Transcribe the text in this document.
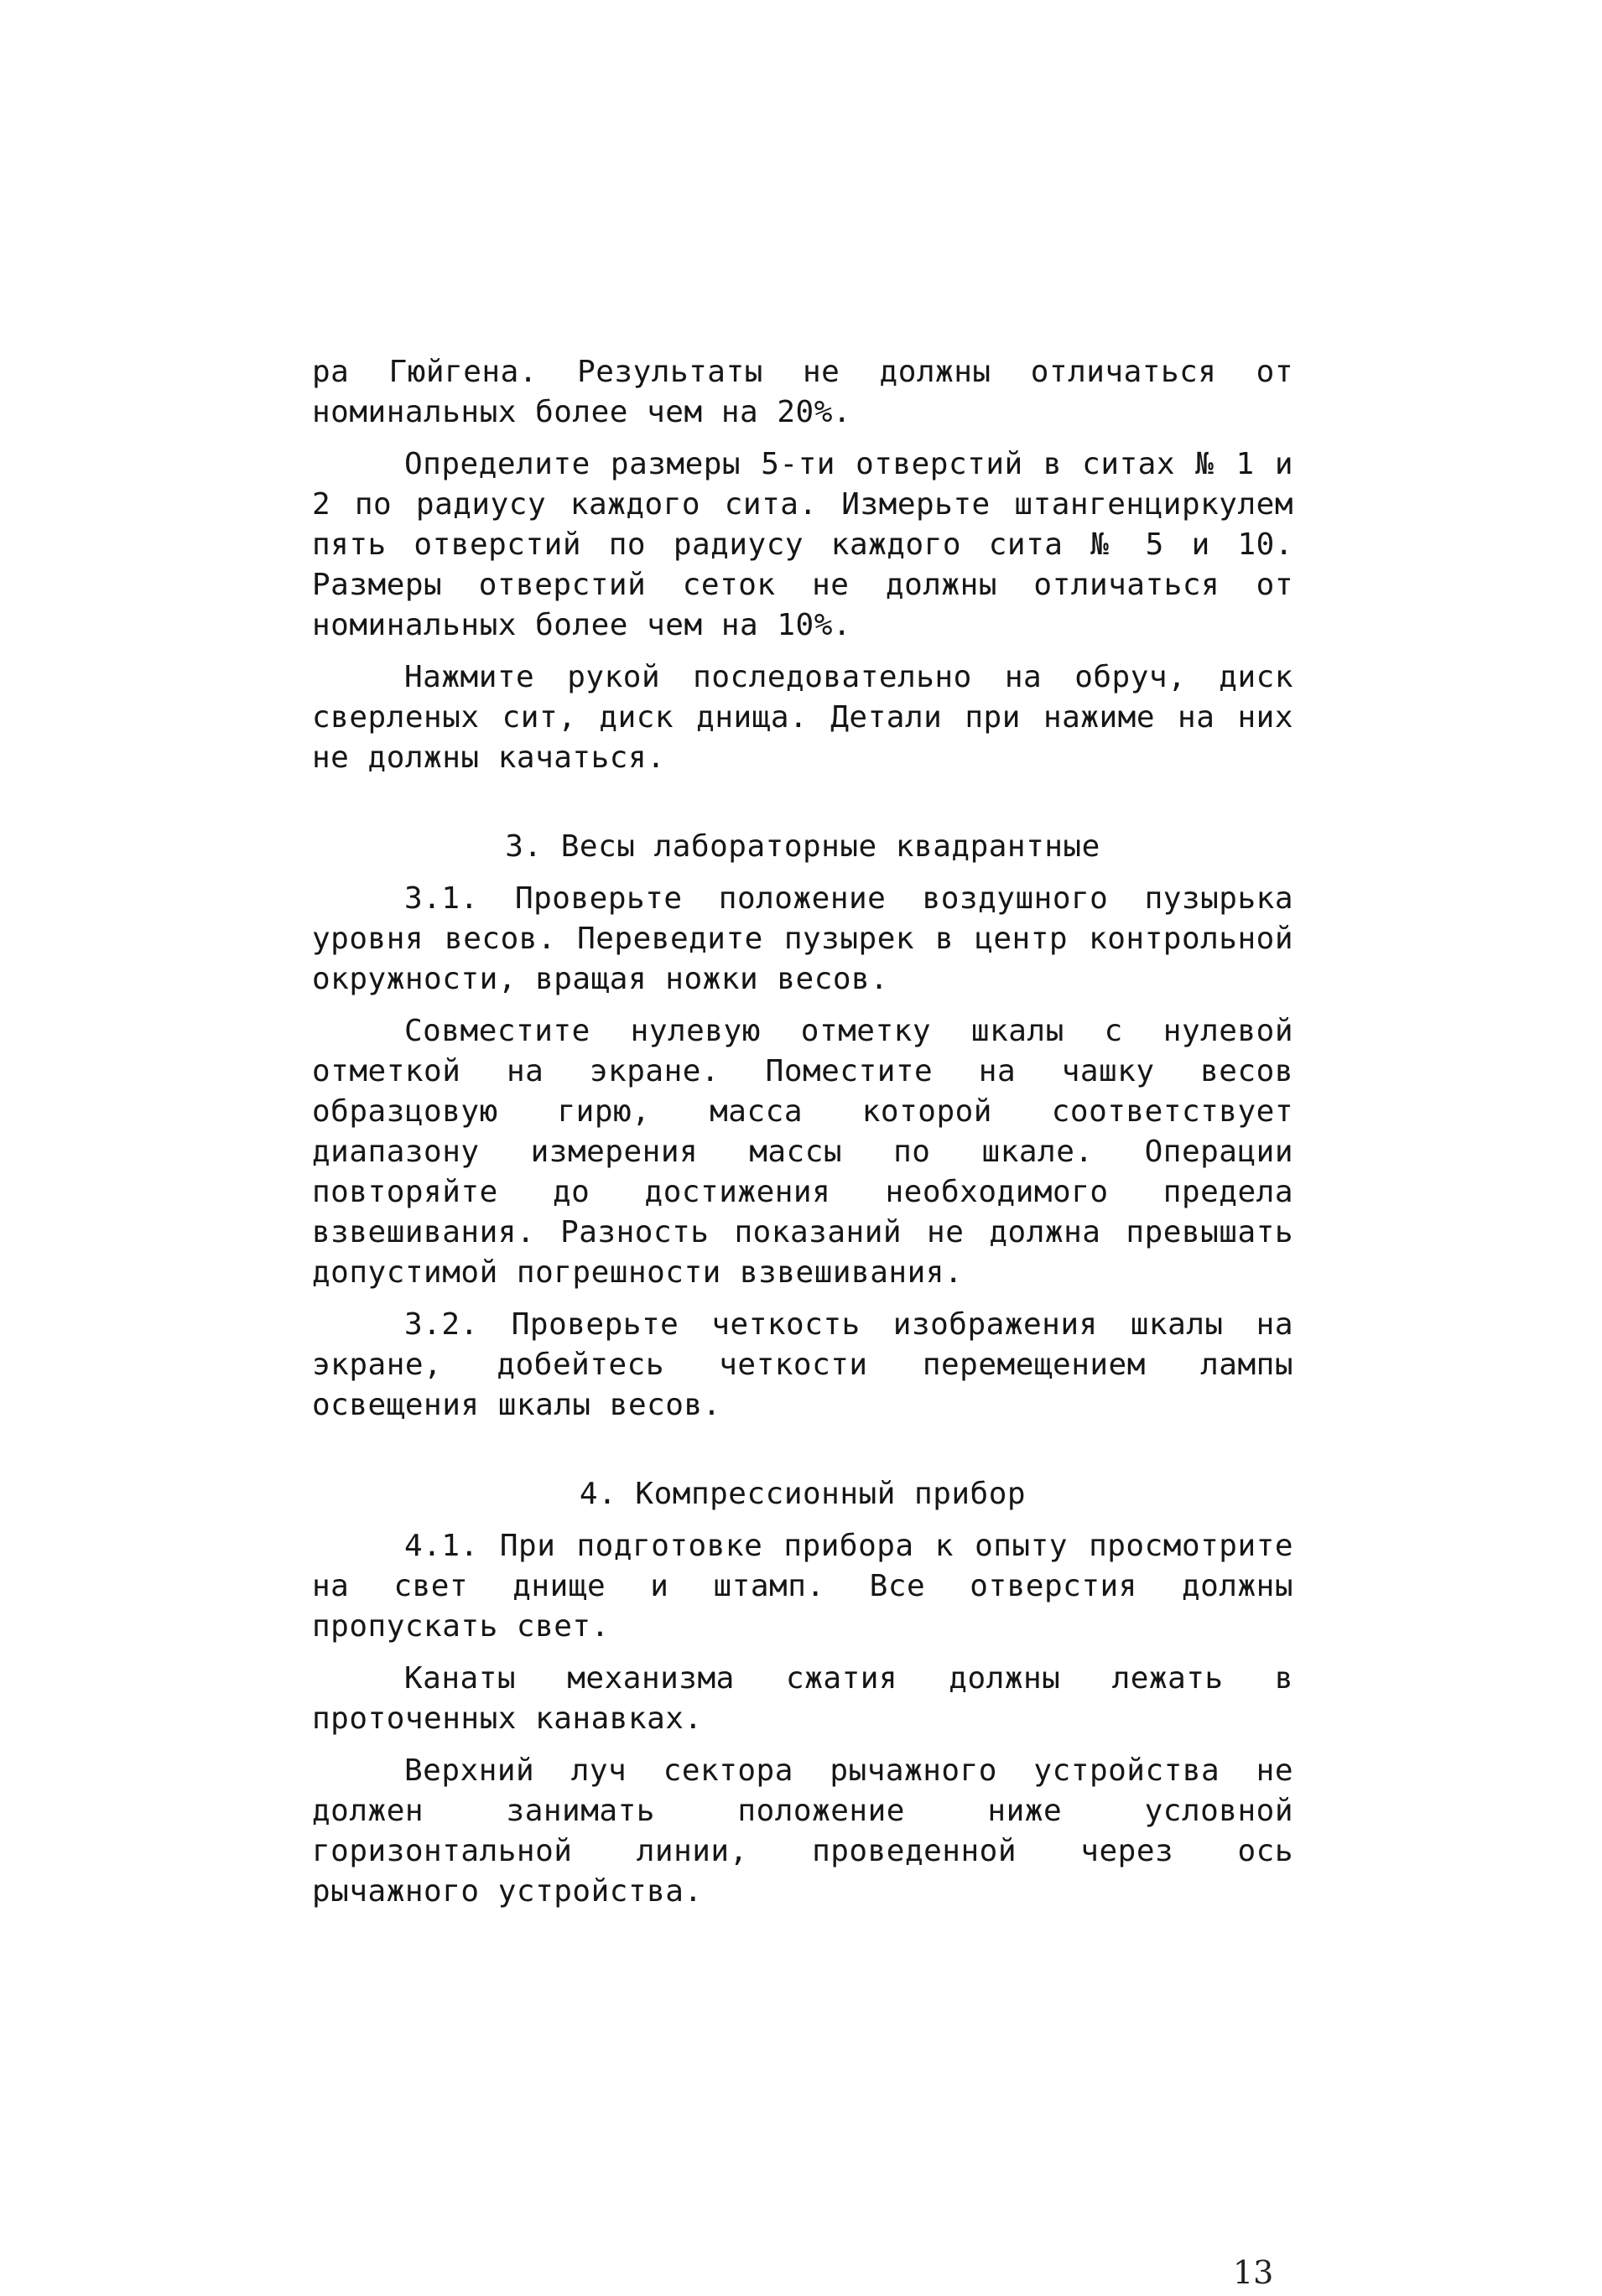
ра Гюйгена. Результаты не должны отличаться от номинальных более чем на 20%.

Определите размеры 5-ти отверстий в ситах № 1 и 2 по радиусу каждого сита. Измерьте штангенциркулем пять отверстий по радиусу каждого сита № 5 и 10. Размеры отверстий сеток не должны отличаться от номинальных более чем на 10%.

Нажмите рукой последовательно на обруч, диск сверленых сит, диск днища. Детали при нажиме на них не должны качаться.

3. Весы лабораторные квадрантные

3.1. Проверьте положение воздушного пузырька уровня весов. Переведите пузырек в центр контрольной окружности, вращая ножки весов.

Совместите нулевую отметку шкалы с нулевой отметкой на экране. Поместите на чашку весов образцовую гирю, масса которой соответствует диапазону измерения массы по шкале. Операции повторяйте до достижения необходимого предела взвешивания. Разность показаний не должна превышать допустимой погрешности взвешивания.

3.2. Проверьте четкость изображения шкалы на экране, добейтесь четкости перемещением лампы освещения шкалы весов.

4. Компрессионный прибор

4.1. При подготовке прибора к опыту просмотрите на свет днище и штамп. Все отверстия должны пропускать свет.

Канаты механизма сжатия должны лежать в проточенных канавках.

Верхний луч сектора рычажного устройства не должен занимать положение ниже условной горизонтальной линии, проведенной через ось рычажного устройства.

13
